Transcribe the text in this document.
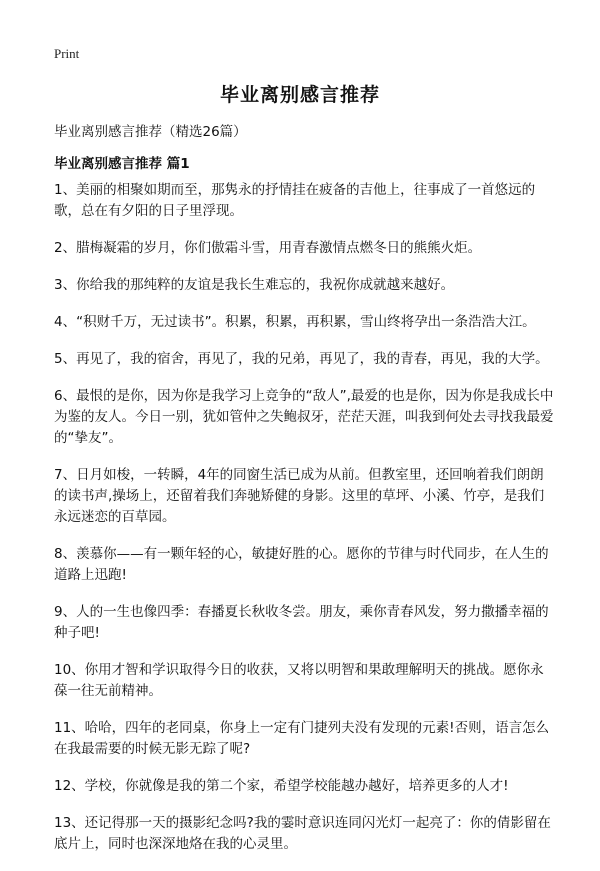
Print
毕业离别感言推荐
毕业离别感言推荐（精选26篇）
毕业离别感言推荐 篇1

1、美丽的相聚如期而至，那隽永的抒情挂在疲备的吉他上，往事成了一首悠远的歌，总在有夕阳的日子里浮现。

2、腊梅凝霜的岁月，你们傲霜斗雪，用青春激情点燃冬日的熊熊火炬。

3、你给我的那纯粹的友谊是我长生难忘的，我祝你成就越来越好。

4、“积财千万，无过读书”。积累，积累，再积累，雪山终将孕出一条浩浩大江。

5、再见了，我的宿舍，再见了，我的兄弟，再见了，我的青春，再见，我的大学。

6、最恨的是你，因为你是我学习上竞争的“敌人”,最爱的也是你，因为你是我成长中为鉴的友人。今日一别，犹如管仲之失鲍叔牙，茫茫天涯，叫我到何处去寻找我最爱的“挚友”。

7、日月如梭，一转瞬，4年的同窗生活已成为从前。但教室里，还回响着我们朗朗的读书声,操场上，还留着我们奔驰矫健的身影。这里的草坪、小溪、竹亭，是我们永远迷恋的百草园。

8、羡慕你——有一颗年轻的心，敏捷好胜的心。愿你的节律与时代同步，在人生的道路上迅跑!

9、人的一生也像四季：春播夏长秋收冬尝。朋友，乘你青春风发，努力撒播幸福的种子吧!

10、你用才智和学识取得今日的收获，又将以明智和果敢理解明天的挑战。愿你永葆一往无前精神。

11、哈哈，四年的老同桌，你身上一定有门捷列夫没有发现的元素!否则，语言怎么在我最需要的时候无影无踪了呢?

12、学校，你就像是我的第二个家，希望学校能越办越好，培养更多的人才!

13、还记得那一天的摄影纪念吗?我的霎时意识连同闪光灯一起亮了：你的倩影留在底片上，同时也深深地烙在我的心灵里。
